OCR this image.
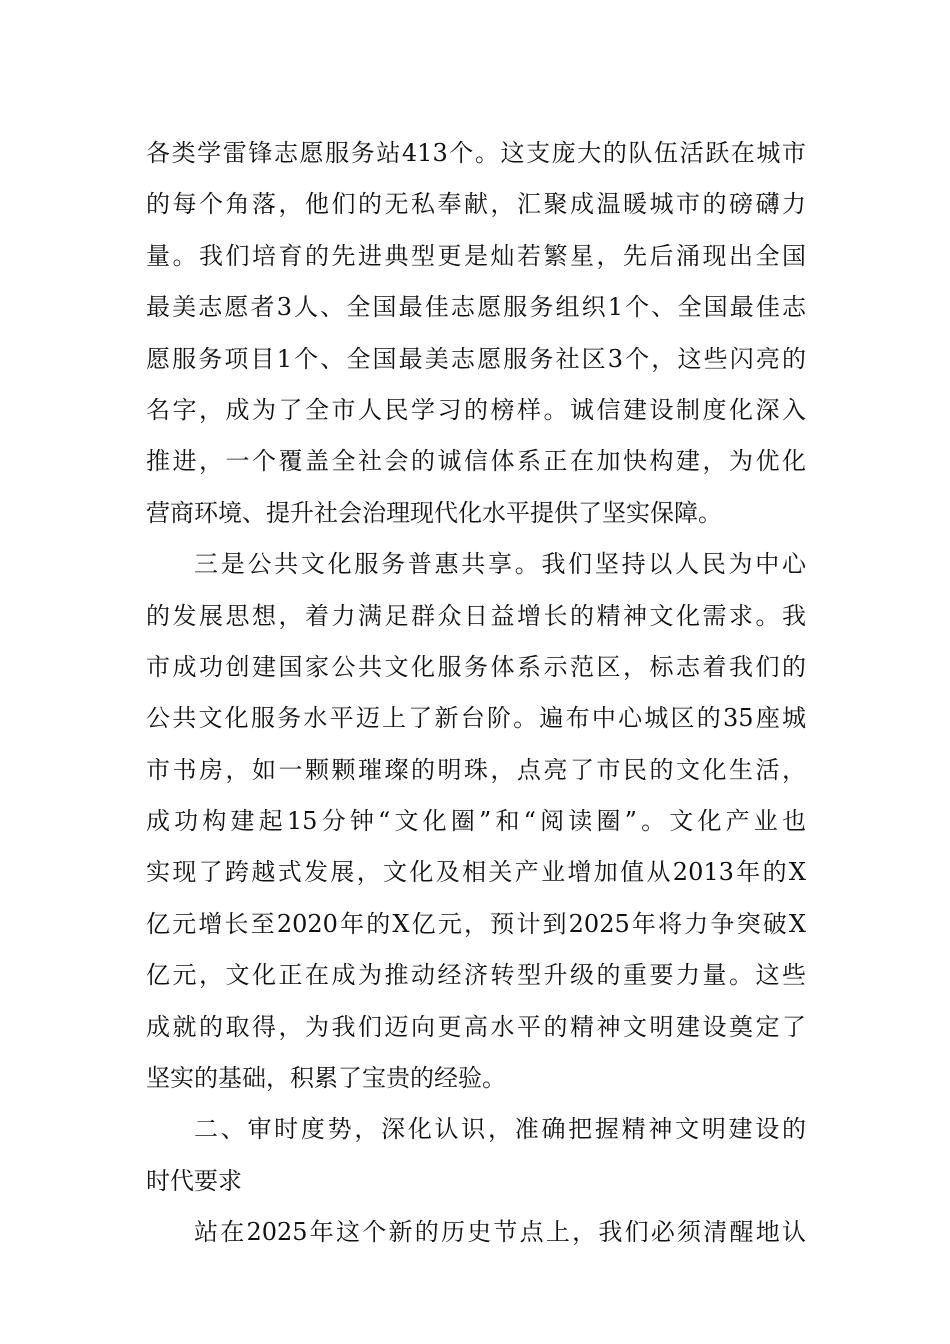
各类学雷锋志愿服务站413个。这支庞大的队伍活跃在城市
的每个角落，他们的无私奉献，汇聚成温暖城市的磅礴力
量。我们培育的先进典型更是灿若繁星，先后涌现出全国
最美志愿者3人、全国最佳志愿服务组织1个、全国最佳志
愿服务项目1个、全国最美志愿服务社区3个，这些闪亮的
名字，成为了全市人民学习的榜样。诚信建设制度化深入
推进，一个覆盖全社会的诚信体系正在加快构建，为优化
营商环境、提升社会治理现代化水平提供了坚实保障。
三是公共文化服务普惠共享。我们坚持以人民为中心
的发展思想，着力满足群众日益增长的精神文化需求。我
市成功创建国家公共文化服务体系示范区，标志着我们的
公共文化服务水平迈上了新台阶。遍布中心城区的35座城
市书房，如一颗颗璀璨的明珠，点亮了市民的文化生活，
成功构建起15分钟“文化圈”和“阅读圈”。文化产业也
实现了跨越式发展，文化及相关产业增加值从2013年的X
亿元增长至2020年的X亿元，预计到2025年将力争突破X
亿元，文化正在成为推动经济转型升级的重要力量。这些
成就的取得，为我们迈向更高水平的精神文明建设奠定了
坚实的基础，积累了宝贵的经验。
二、审时度势，深化认识，准确把握精神文明建设的
时代要求
站在2025年这个新的历史节点上，我们必须清醒地认
